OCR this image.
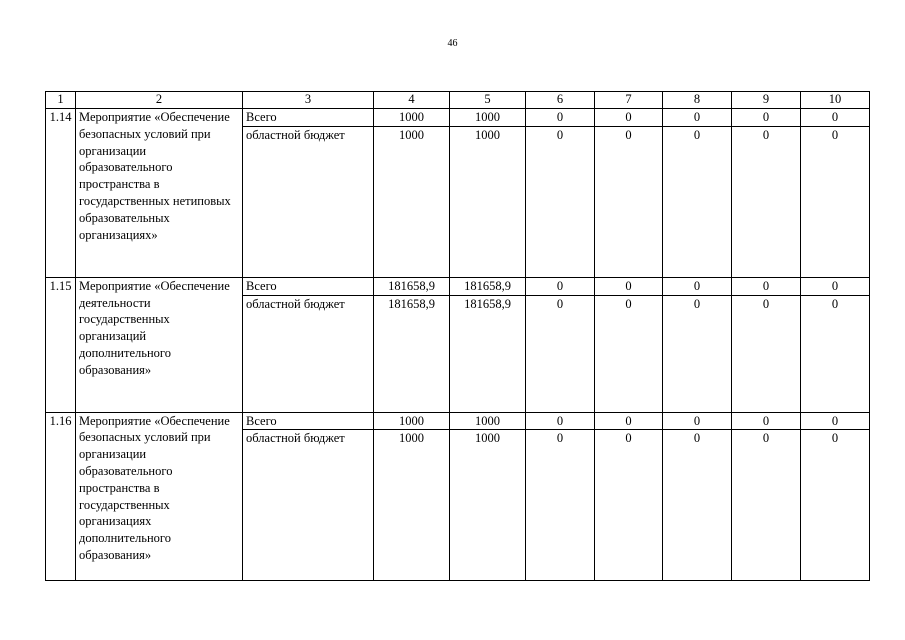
46
1	2	3	4	5	6	7	8	9	10
1.14	Мероприятие «Обеспечение безопасных условий при организации образовательного пространства в государственных нетиповых образовательных организациях»	Всего	1000	1000	0	0	0	0	0
		областной бюджет	1000	1000	0	0	0	0	0
1.15	Мероприятие «Обеспечение деятельности государственных организаций дополнительного образования»	Всего	181658,9	181658,9	0	0	0	0	0
		областной бюджет	181658,9	181658,9	0	0	0	0	0
1.16	Мероприятие «Обеспечение безопасных условий при организации образовательного пространства в государственных организациях дополнительного образования»	Всего	1000	1000	0	0	0	0	0
		областной бюджет	1000	1000	0	0	0	0	0
